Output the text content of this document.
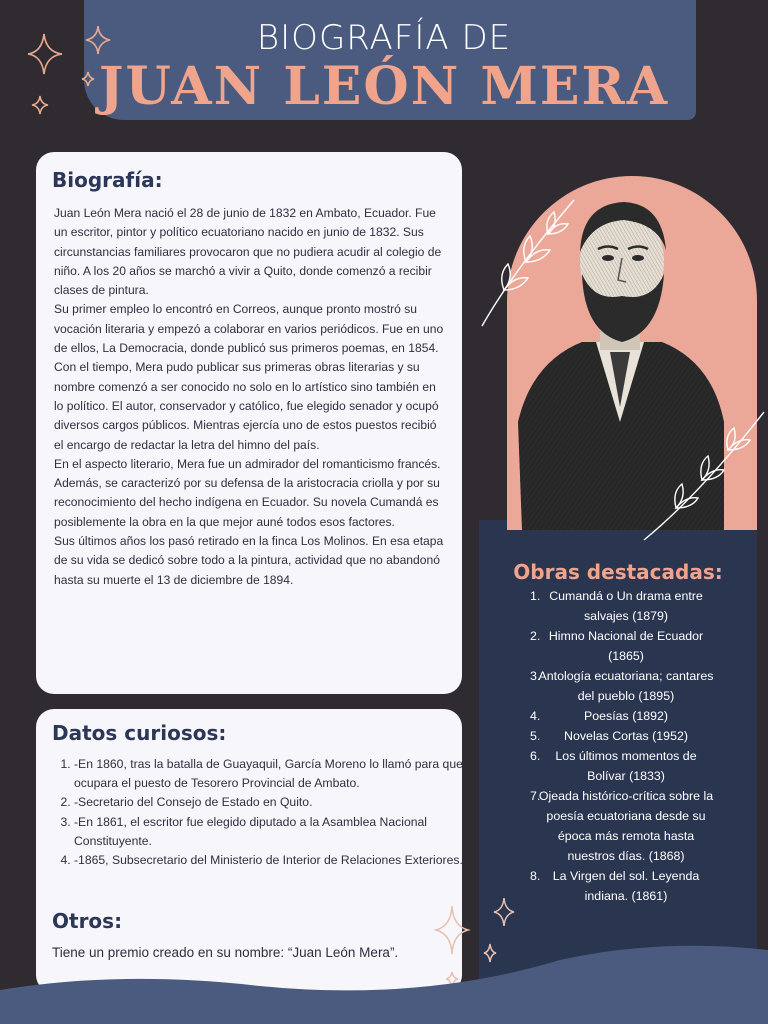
BIOGRAFÍA DE
JUAN LEÓN MERA
Biografía:

Juan León Mera nació el 28 de junio de 1832 en Ambato, Ecuador. Fue un escritor, pintor y político ecuatoriano nacido en junio de 1832. Sus circunstancias familiares provocaron que no pudiera acudir al colegio de niño. A los 20 años se marchó a vivir a Quito, donde comenzó a recibir clases de pintura.

Su primer empleo lo encontró en Correos, aunque pronto mostró su vocación literaria y empezó a colaborar en varios periódicos. Fue en uno de ellos, La Democracia, donde publicó sus primeros poemas, en 1854.

Con el tiempo, Mera pudo publicar sus primeras obras literarias y su nombre comenzó a ser conocido no solo en lo artístico sino también en lo político. El autor, conservador y católico, fue elegido senador y ocupó diversos cargos públicos. Mientras ejercía uno de estos puestos recibió el encargo de redactar la letra del himno del país.

En el aspecto literario, Mera fue un admirador del romanticismo francés. Además, se caracterizó por su defensa de la aristocracia criolla y por su reconocimiento del hecho indígena en Ecuador. Su novela Cumandá es posiblemente la obra en la que mejor auné todos esos factores.

Sus últimos años los pasó retirado en la finca Los Molinos. En esa etapa de su vida se dedicó sobre todo a la pintura, actividad que no abandonó hasta su muerte el 13 de diciembre de 1894.

Datos curiosos:
1. -En 1860, tras la batalla de Guayaquil, García Moreno lo llamó para que ocupara el puesto de Tesorero Provincial de Ambato.
2. -Secretario del Consejo de Estado en Quito.
3. -En 1861, el escritor fue elegido diputado a la Asamblea Nacional Constituyente.
4. -1865, Subsecretario del Ministerio de Interior de Relaciones Exteriores.
Otros:
Tiene un premio creado en su nombre: “Juan León Mera”.
Obras destacadas:
1. Cumandá o Un drama entre salvajes (1879)
2. Himno Nacional de Ecuador (1865)
3.
Antología ecuatoriana; cantares del pueblo (1895)
4.	Poesías (1892)
5. Novelas Cortas (1952)
6. Los últimos momentos de Bolívar (1833)
7.
Ojeada histórico-crítica sobre la poesía ecuatoriana desde su época más remota hasta nuestros días. (1868)
8. La Virgen del sol. Leyenda indiana. (1861)
